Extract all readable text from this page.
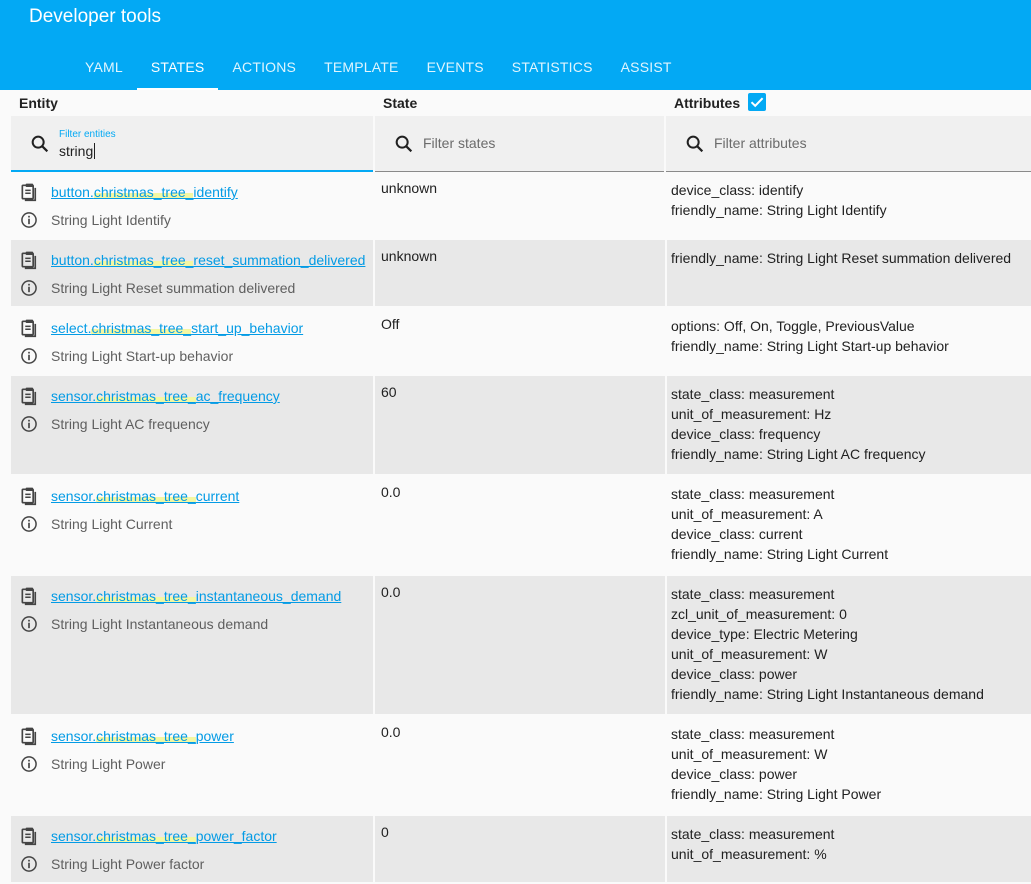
Developer tools
YAML	STATES	ACTIONS	TEMPLATE	EVENTS	STATISTICS	ASSIST
Entity	State	Attributes
Filter entities
string	Filter states	Filter attributes
button.christmas_tree_identify
String Light Identify
unknown	device_class: identify
friendly_name: String Light Identify
button.christmas_tree_reset_summation_delivered
String Light Reset summation delivered
unknown	friendly_name: String Light Reset summation delivered
select.christmas_tree_start_up_behavior
String Light Start-up behavior
Off	options: Off, On, Toggle, PreviousValue
friendly_name: String Light Start-up behavior
sensor.christmas_tree_ac_frequency
String Light AC frequency
60	state_class: measurement
unit_of_measurement: Hz
device_class: frequency
friendly_name: String Light AC frequency
sensor.christmas_tree_current
String Light Current
0.0	state_class: measurement
unit_of_measurement: A
device_class: current
friendly_name: String Light Current
sensor.christmas_tree_instantaneous_demand
String Light Instantaneous demand
0.0	state_class: measurement
zcl_unit_of_measurement: 0
device_type: Electric Metering
unit_of_measurement: W
device_class: power
friendly_name: String Light Instantaneous demand
sensor.christmas_tree_power
String Light Power
0.0	state_class: measurement
unit_of_measurement: W
device_class: power
friendly_name: String Light Power
sensor.christmas_tree_power_factor
String Light Power factor
0	state_class: measurement
unit_of_measurement: %
